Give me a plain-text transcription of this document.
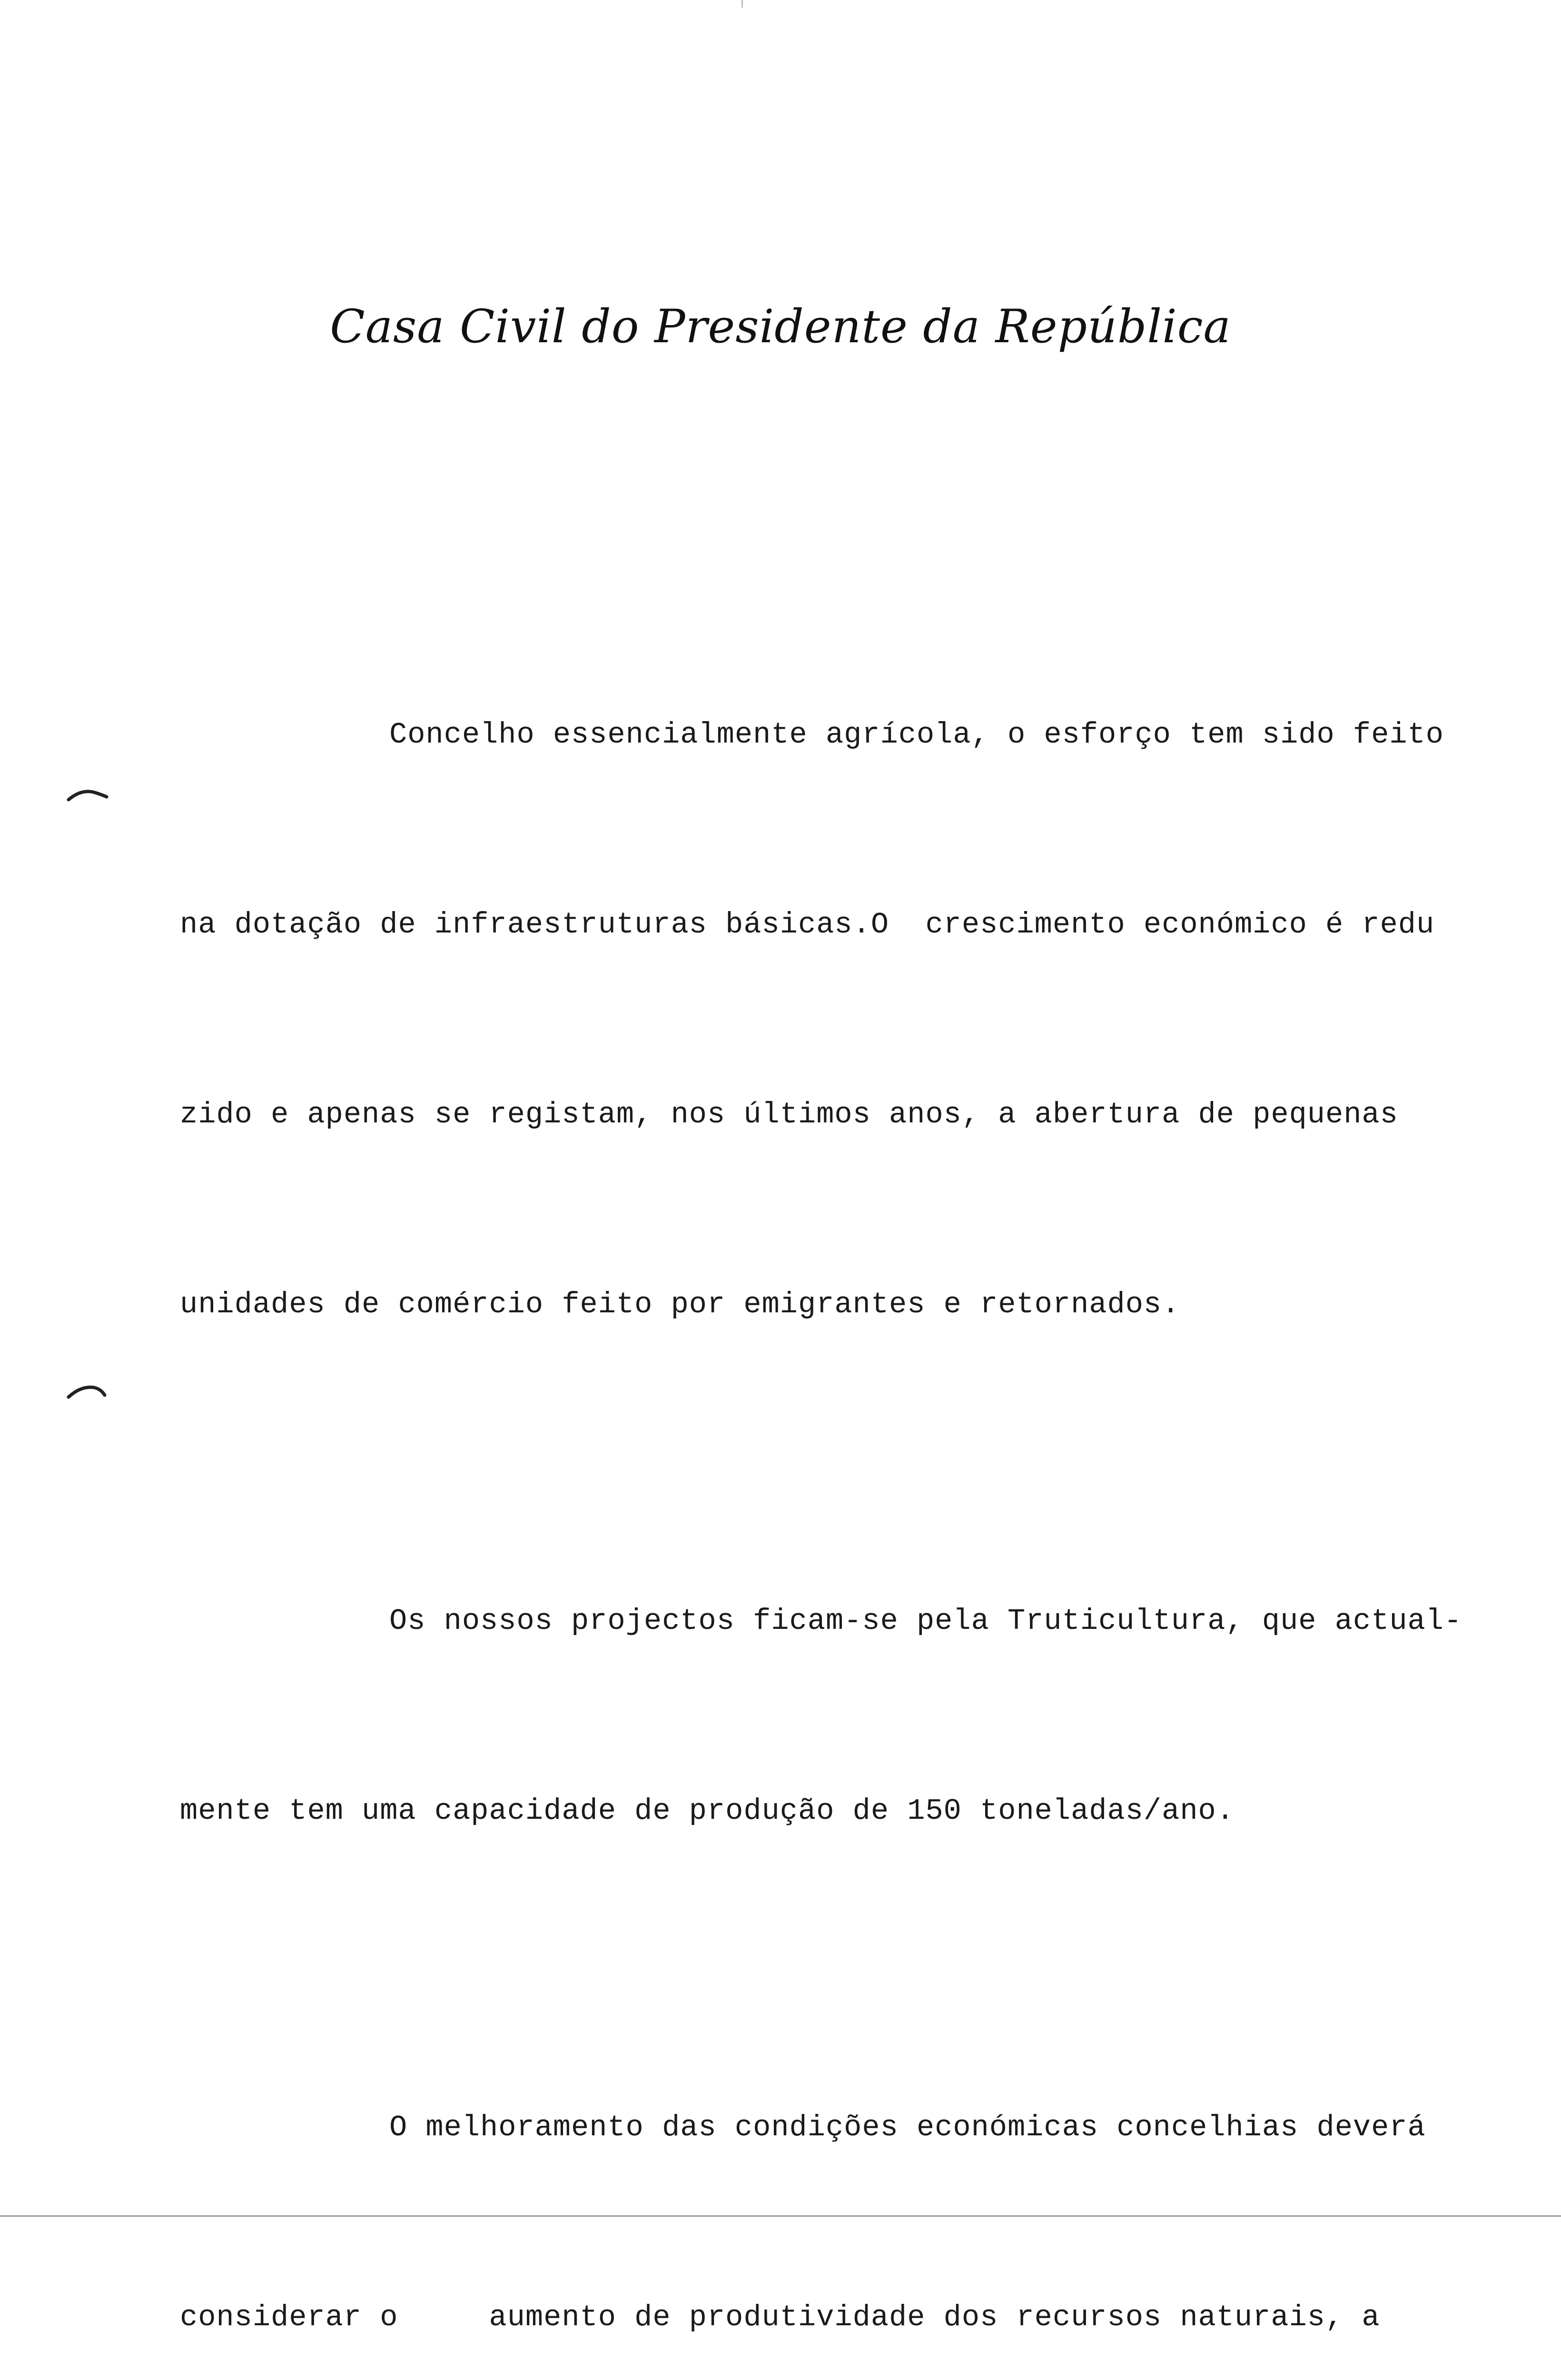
Casa Civil do Presidente da República

Concelho essencialmente agrícola, o esforço tem sido feito

na dotação de infraestruturas básicas.O  crescimento económico é redu

zido e apenas se registam, nos últimos anos, a abertura de pequenas

unidades de comércio feito por emigrantes e retornados.

Os nossos projectos ficam-se pela Truticultura, que actual-

mente tem uma capacidade de produção de 150 toneladas/ano.

O melhoramento das condições económicas concelhias deverá

considerar o     aumento de produtividade dos recursos naturais, a
